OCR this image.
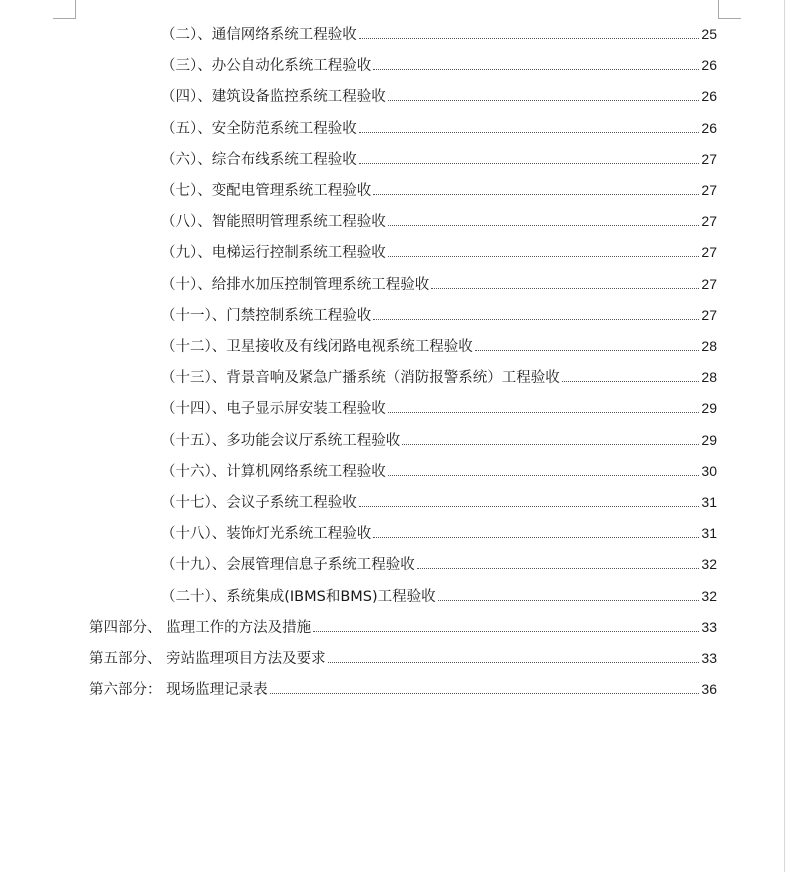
（二）、通信网络系统工程验收	25
（三）、办公自动化系统工程验收	26
（四）、建筑设备监控系统工程验收	26
（五）、安全防范系统工程验收	26
（六）、综合布线系统工程验收	27
（七）、变配电管理系统工程验收	27
（八）、智能照明管理系统工程验收	27
（九）、电梯运行控制系统工程验收	27
（十）、给排水加压控制管理系统工程验收	27
（十一）、门禁控制系统工程验收	27
（十二）、卫星接收及有线闭路电视系统工程验收	28
（十三）、背景音响及紧急广播系统（消防报警系统）工程验收	28
（十四）、电子显示屏安装工程验收	29
（十五）、多功能会议厅系统工程验收	29
（十六）、计算机网络系统工程验收	30
（十七）、会议子系统工程验收	31
（十八）、装饰灯光系统工程验收	31
（十九）、会展管理信息子系统工程验收	32
（二十）、系统集成(IBMS和BMS)工程验收	32
第四部分、 监理工作的方法及措施	33
第五部分、 旁站监理项目方法及要求	33
第六部分： 现场监理记录表	36
